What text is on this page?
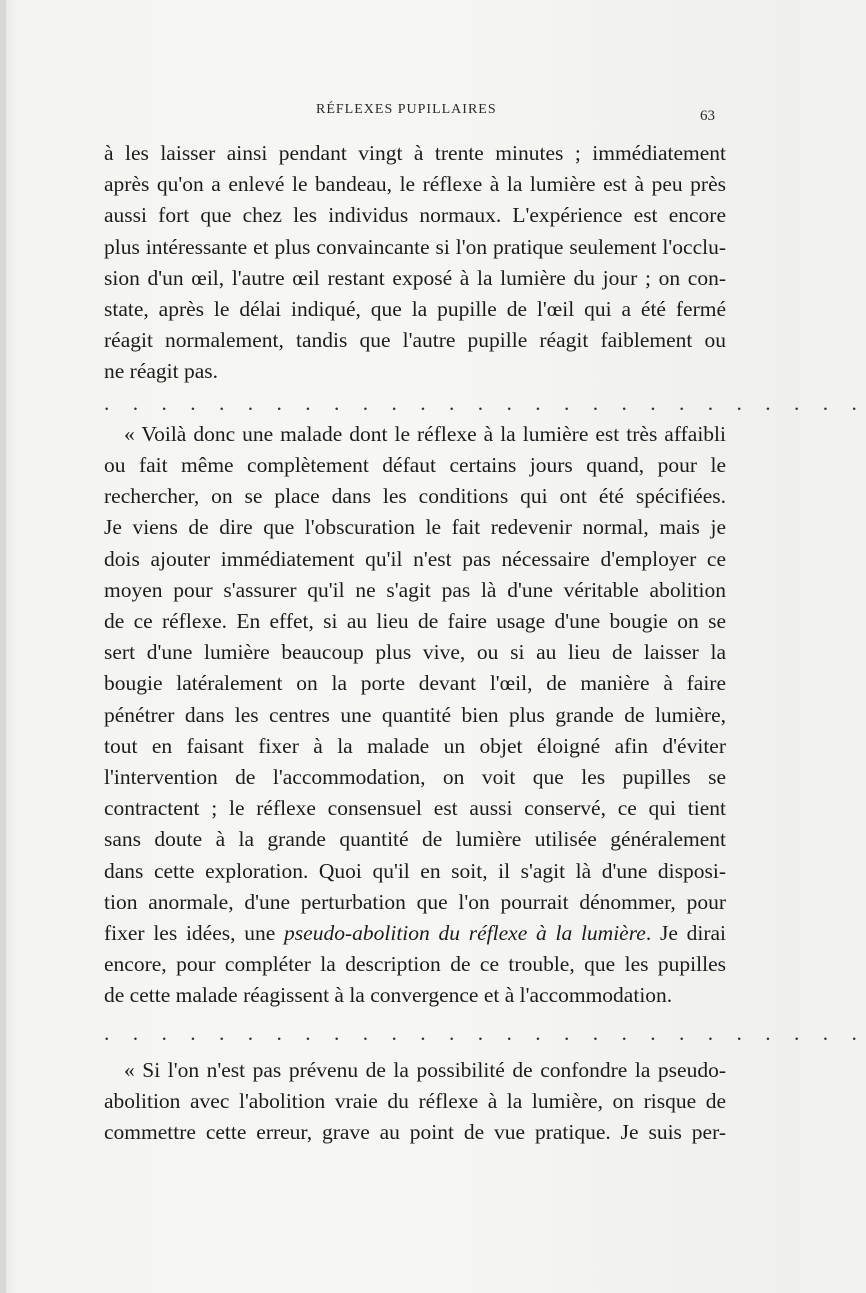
RÉFLEXES PUPILLAIRES	63

à les laisser ainsi pendant vingt à trente minutes ; immédiatement
après qu'on a enlevé le bandeau, le réflexe à la lumière est à peu près
aussi fort que chez les individus normaux. L'expérience est encore
plus intéressante et plus convaincante si l'on pratique seulement l'occlu-
sion d'un œil, l'autre œil restant exposé à la lumière du jour ; on con-
state, après le délai indiqué, que la pupille de l'œil qui a été fermé
réagit normalement, tandis que l'autre pupille réagit faiblement ou
ne réagit pas.

. . . . . . . . . . . . . . . . . . . . . . . . . . .

« Voilà donc une malade dont le réflexe à la lumière est très affaibli
ou fait même complètement défaut certains jours quand, pour le
rechercher, on se place dans les conditions qui ont été spécifiées.
Je viens de dire que l'obscuration le fait redevenir normal, mais je
dois ajouter immédiatement qu'il n'est pas nécessaire d'employer ce
moyen pour s'assurer qu'il ne s'agit pas là d'une véritable abolition
de ce réflexe. En effet, si au lieu de faire usage d'une bougie on se
sert d'une lumière beaucoup plus vive, ou si au lieu de laisser la
bougie latéralement on la porte devant l'œil, de manière à faire
pénétrer dans les centres une quantité bien plus grande de lumière,
tout en faisant fixer à la malade un objet éloigné afin d'éviter
l'intervention de l'accommodation, on voit que les pupilles se
contractent ; le réflexe consensuel est aussi conservé, ce qui tient
sans doute à la grande quantité de lumière utilisée généralement
dans cette exploration. Quoi qu'il en soit, il s'agit là d'une disposi-
tion anormale, d'une perturbation que l'on pourrait dénommer, pour
fixer les idées, une pseudo-abolition du réflexe à la lumière. Je dirai
encore, pour compléter la description de ce trouble, que les pupilles
de cette malade réagissent à la convergence et à l'accommodation.

. . . . . . . . . . . . . . . . . . . . . . . . . . .

« Si l'on n'est pas prévenu de la possibilité de confondre la pseudo-
abolition avec l'abolition vraie du réflexe à la lumière, on risque de
commettre cette erreur, grave au point de vue pratique. Je suis per-
